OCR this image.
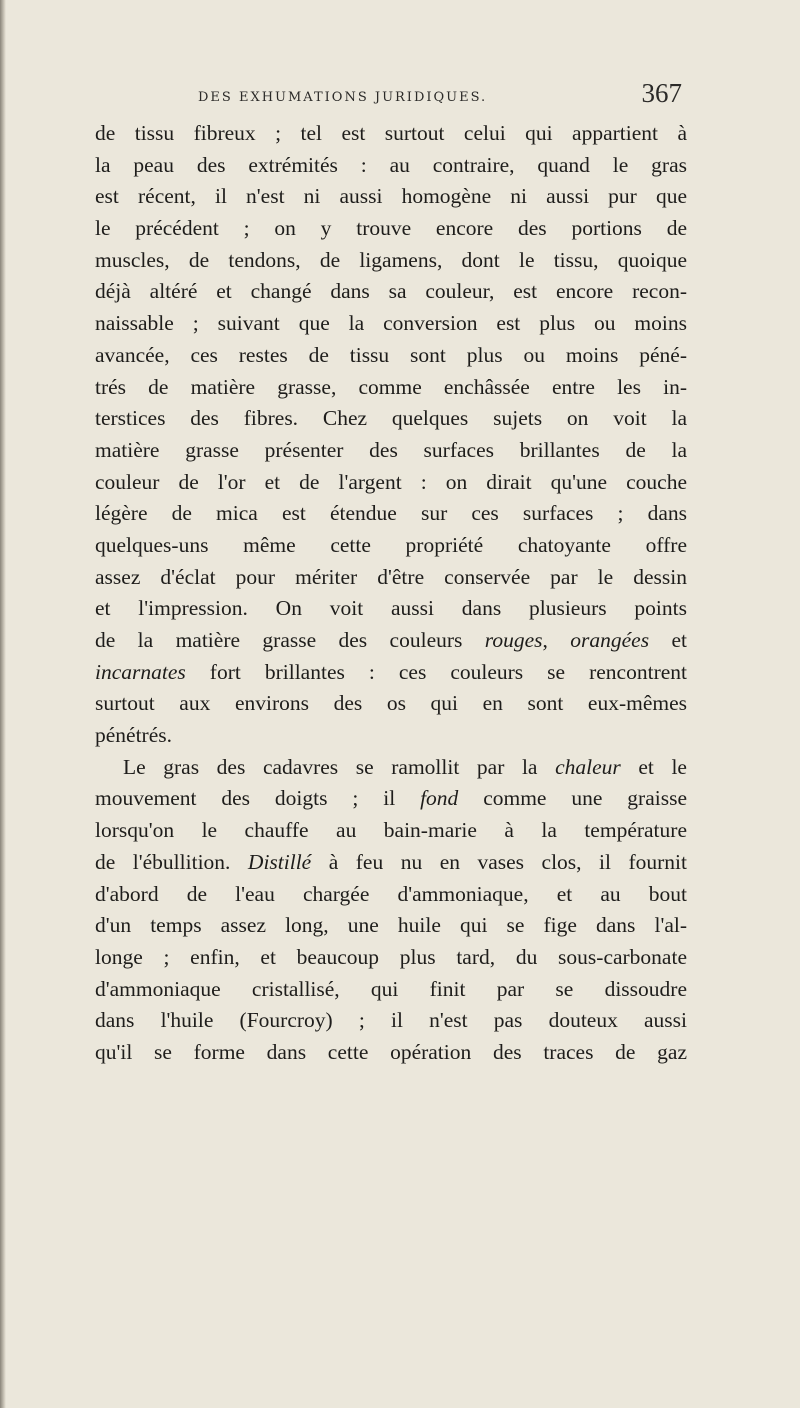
DES EXHUMATIONS JURIDIQUES.	367
de tissu fibreux ; tel est surtout celui qui appartient à
la peau des extrémités : au contraire, quand le gras
est récent, il n'est ni aussi homogène ni aussi pur que
le précédent ; on y trouve encore des portions de
muscles, de tendons, de ligamens, dont le tissu, quoique
déjà altéré et changé dans sa couleur, est encore recon-
naissable ; suivant que la conversion est plus ou moins
avancée, ces restes de tissu sont plus ou moins péné-
trés de matière grasse, comme enchâssée entre les in-
terstices des fibres. Chez quelques sujets on voit la
matière grasse présenter des surfaces brillantes de la
couleur de l'or et de l'argent : on dirait qu'une couche
légère de mica est étendue sur ces surfaces ; dans
quelques-uns même cette propriété chatoyante offre
assez d'éclat pour mériter d'être conservée par le dessin
et l'impression. On voit aussi dans plusieurs points
de la matière grasse des couleurs rouges, orangées et
incarnates fort brillantes : ces couleurs se rencontrent
surtout aux environs des os qui en sont eux-mêmes
pénétrés.
Le gras des cadavres se ramollit par la chaleur et le
mouvement des doigts ; il fond comme une graisse
lorsqu'on le chauffe au bain-marie à la température
de l'ébullition. Distillé à feu nu en vases clos, il fournit
d'abord de l'eau chargée d'ammoniaque, et au bout
d'un temps assez long, une huile qui se fige dans l'al-
longe ; enfin, et beaucoup plus tard, du sous-carbonate
d'ammoniaque cristallisé, qui finit par se dissoudre
dans l'huile (Fourcroy) ; il n'est pas douteux aussi
qu'il se forme dans cette opération des traces de gaz
